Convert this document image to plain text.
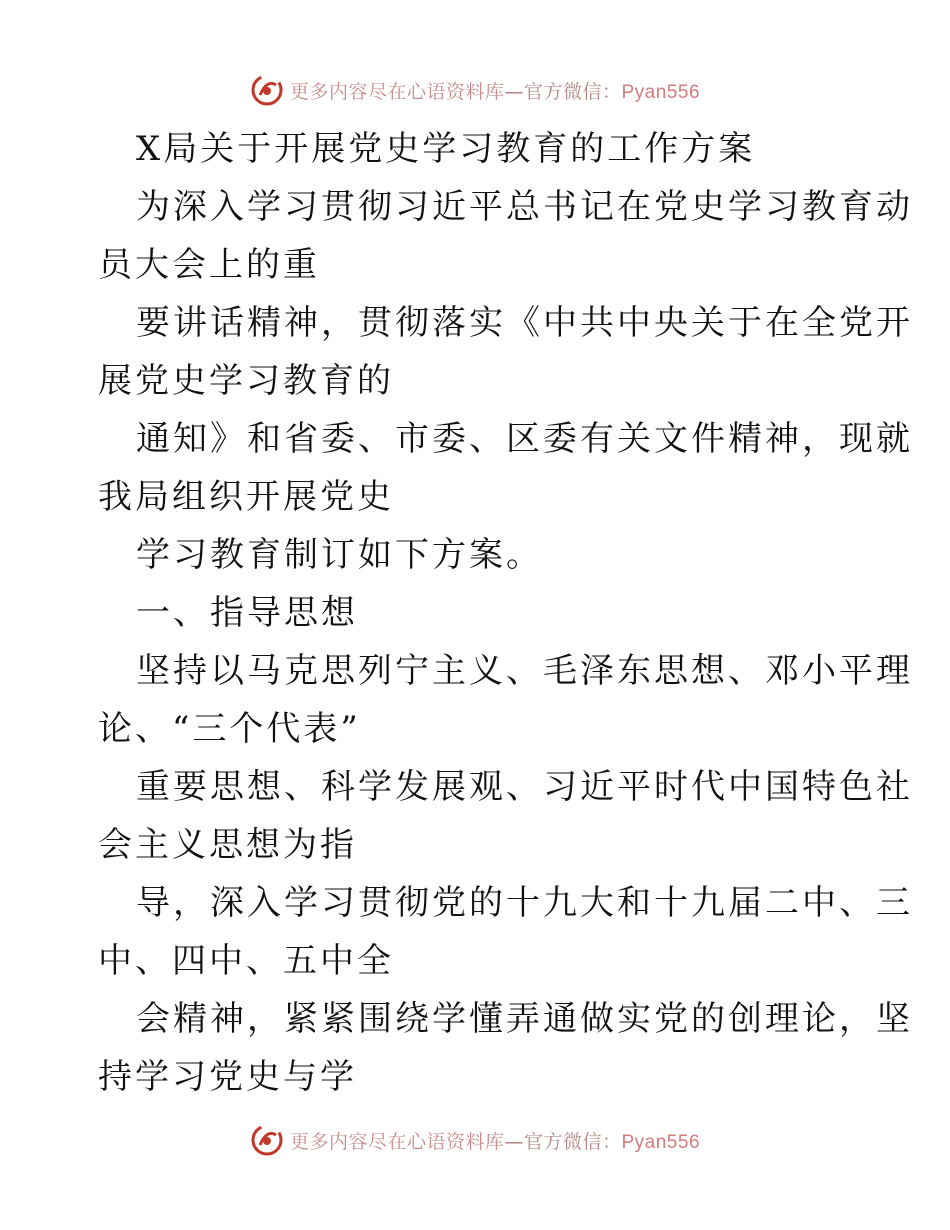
更多内容尽在心语资料库—官方微信：Pyan556
X局关于开展党史学习教育的工作方案
为深入学习贯彻习近平总书记在党史学习教育动
员大会上的重
要讲话精神，贯彻落实《中共中央关于在全党开
展党史学习教育的
通知》和省委、市委、区委有关文件精神，现就
我局组织开展党史
学习教育制订如下方案。
一、指导思想
坚持以马克思列宁主义、毛泽东思想、邓小平理
论、“三个代表”
重要思想、科学发展观、习近平时代中国特色社
会主义思想为指
导，深入学习贯彻党的十九大和十九届二中、三
中、四中、五中全
会精神，紧紧围绕学懂弄通做实党的创理论，坚
持学习党史与学
更多内容尽在心语资料库—官方微信：Pyan556
